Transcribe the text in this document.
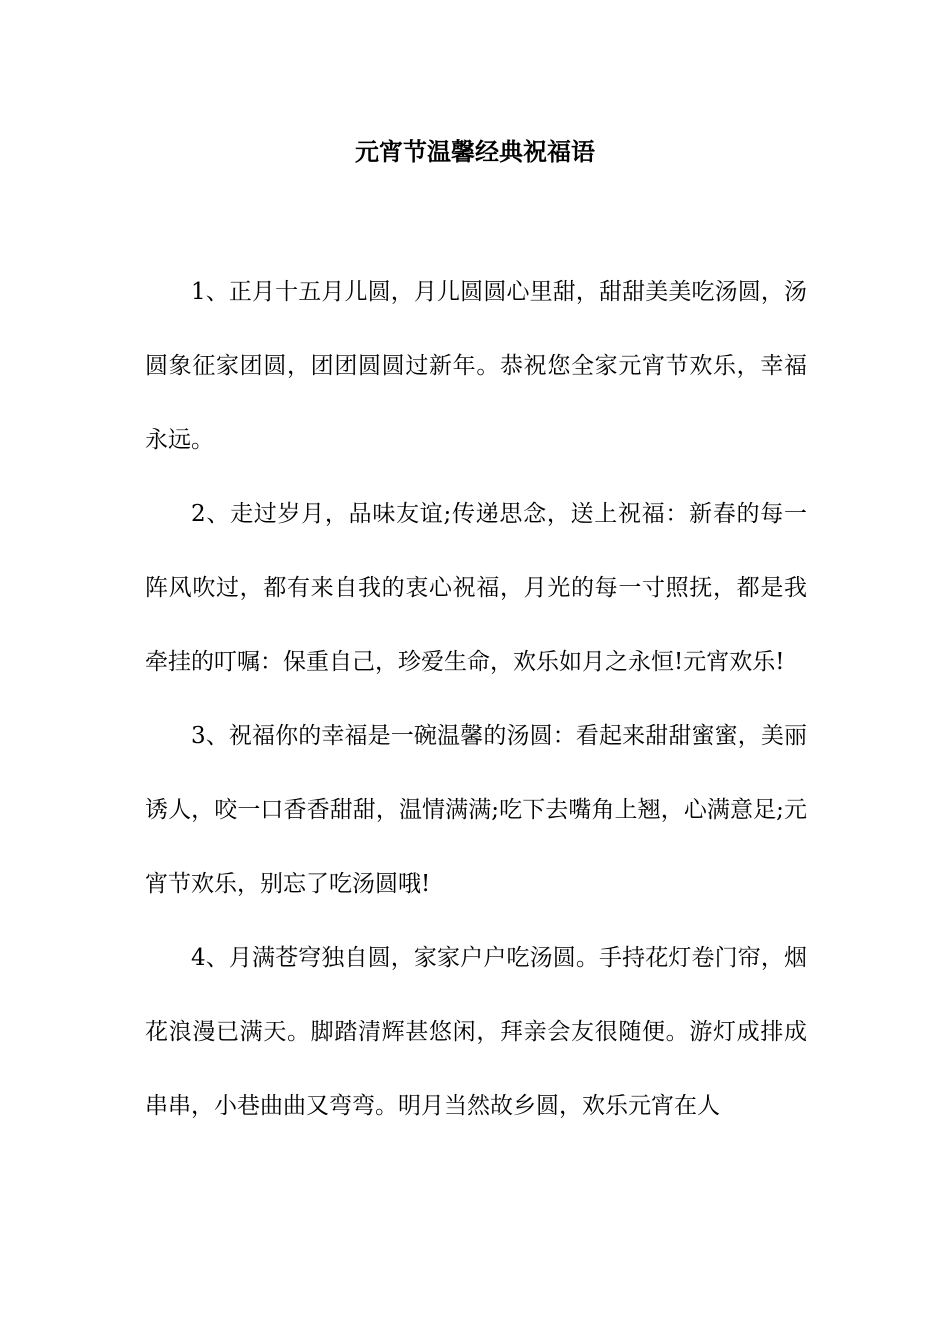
元宵节温馨经典祝福语

1、正月十五月儿圆，月儿圆圆心里甜，甜甜美美吃汤圆，汤圆象征家团圆，团团圆圆过新年。恭祝您全家元宵节欢乐，幸福永远。

2、走过岁月，品味友谊;传递思念，送上祝福：新春的每一阵风吹过，都有来自我的衷心祝福，月光的每一寸照抚，都是我牵挂的叮嘱：保重自己，珍爱生命，欢乐如月之永恒!元宵欢乐!

3、祝福你的幸福是一碗温馨的汤圆：看起来甜甜蜜蜜，美丽诱人，咬一口香香甜甜，温情满满;吃下去嘴角上翘，心满意足;元宵节欢乐，别忘了吃汤圆哦!

4、月满苍穹独自圆，家家户户吃汤圆。手持花灯卷门帘，烟花浪漫已满天。脚踏清辉甚悠闲，拜亲会友很随便。游灯成排成串串，小巷曲曲又弯弯。明月当然故乡圆，欢乐元宵在人
